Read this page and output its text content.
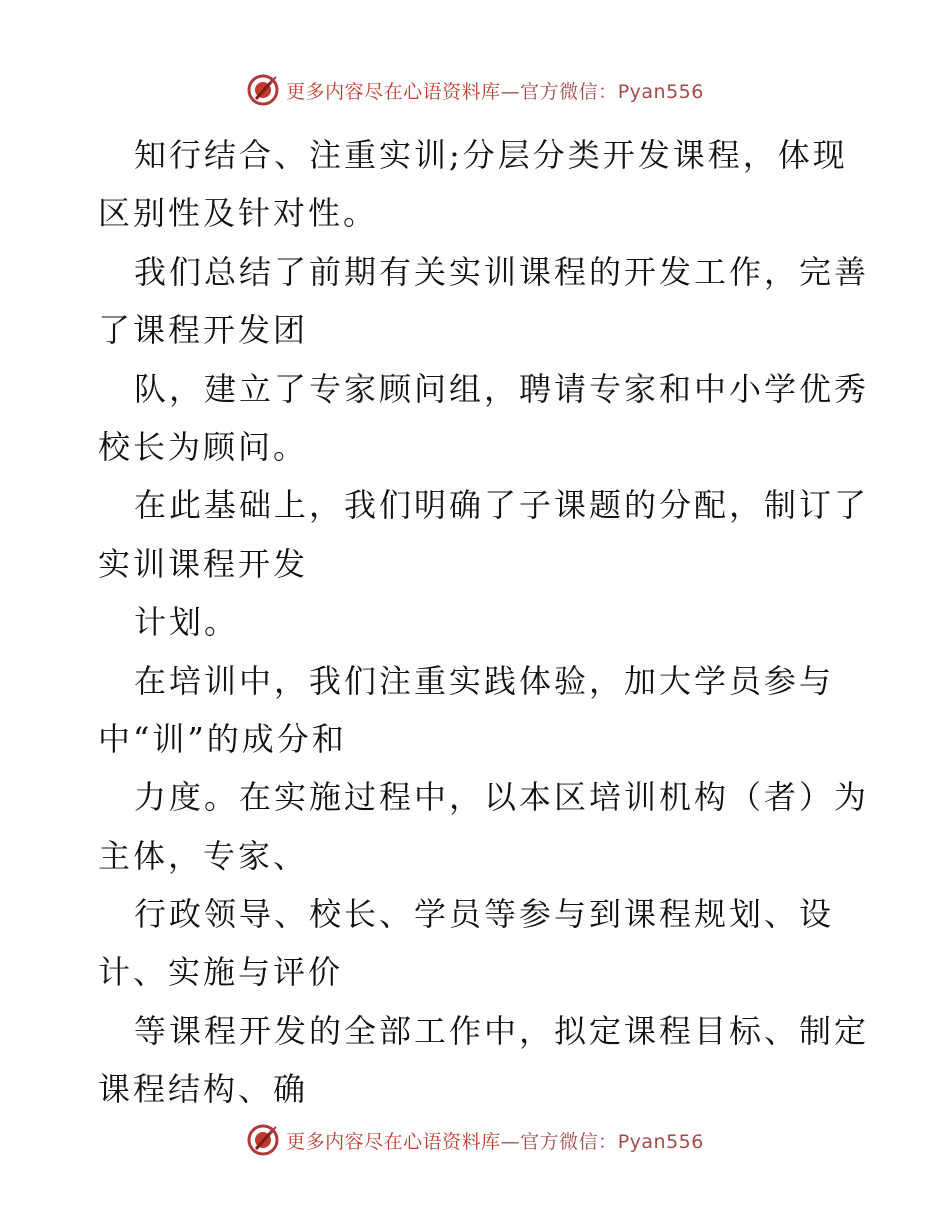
更多内容尽在心语资料库—官方微信：Pyan556
知行结合、注重实训;分层分类开发课程，体现
区别性及针对性。
我们总结了前期有关实训课程的开发工作，完善
了课程开发团
队，建立了专家顾问组，聘请专家和中小学优秀
校长为顾问。
在此基础上，我们明确了子课题的分配，制订了
实训课程开发
计划。
在培训中，我们注重实践体验，加大学员参与
中“训”的成分和
力度。在实施过程中，以本区培训机构（者）为
主体，专家、
行政领导、校长、学员等参与到课程规划、设
计、实施与评价
等课程开发的全部工作中，拟定课程目标、制定
课程结构、确
更多内容尽在心语资料库—官方微信：Pyan556
